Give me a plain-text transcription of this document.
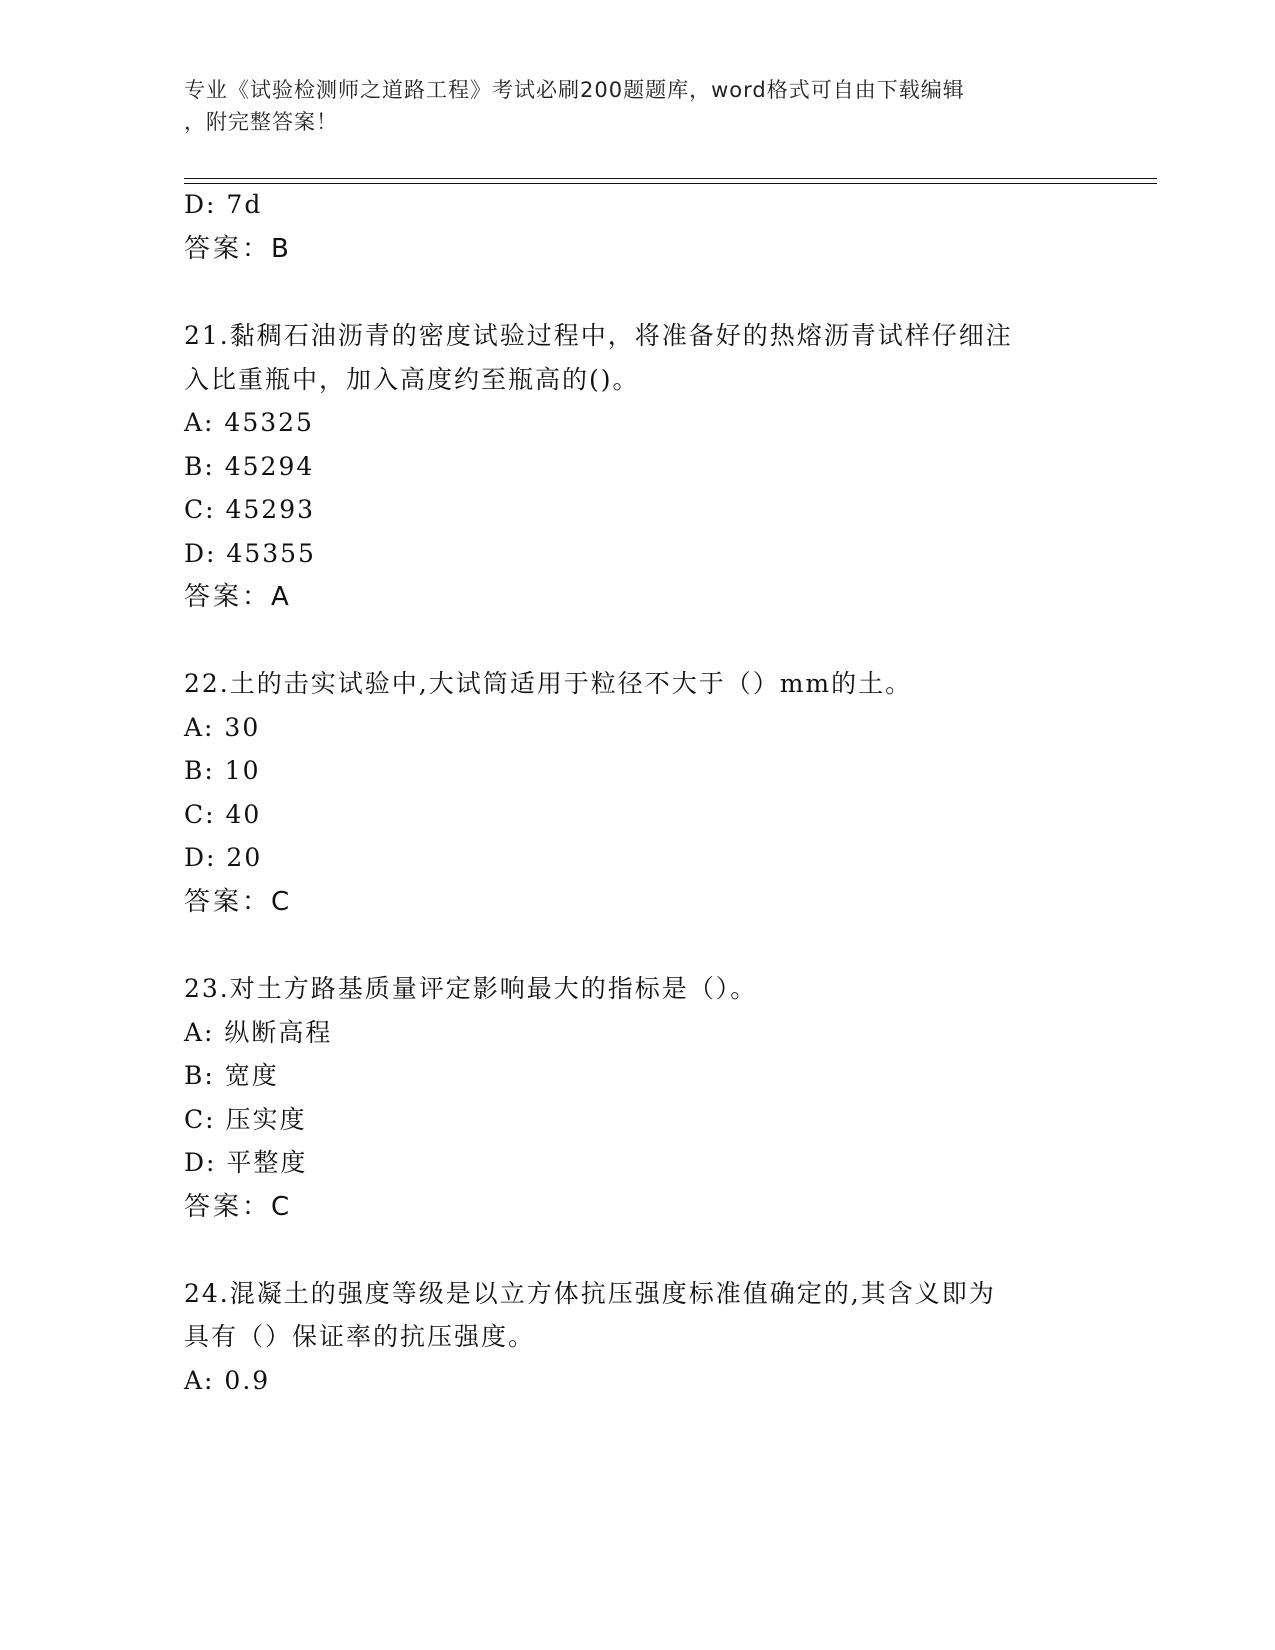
专业《试验检测师之道路工程》考试必刷200题题库，word格式可自由下载编辑
，附完整答案！
D: 7d
答案：B
21.黏稠石油沥青的密度试验过程中，将准备好的热熔沥青试样仔细注
入比重瓶中，加入高度约至瓶高的()。
A: 45325
B: 45294
C: 45293
D: 45355
答案：A
22.土的击实试验中,大试筒适用于粒径不大于（）mm的土。
A: 30
B: 10
C: 40
D: 20
答案：C
23.对土方路基质量评定影响最大的指标是（）。
A: 纵断高程
B: 宽度
C: 压实度
D: 平整度
答案：C
24.混凝土的强度等级是以立方体抗压强度标准值确定的,其含义即为
具有（）保证率的抗压强度。
A: 0.9
